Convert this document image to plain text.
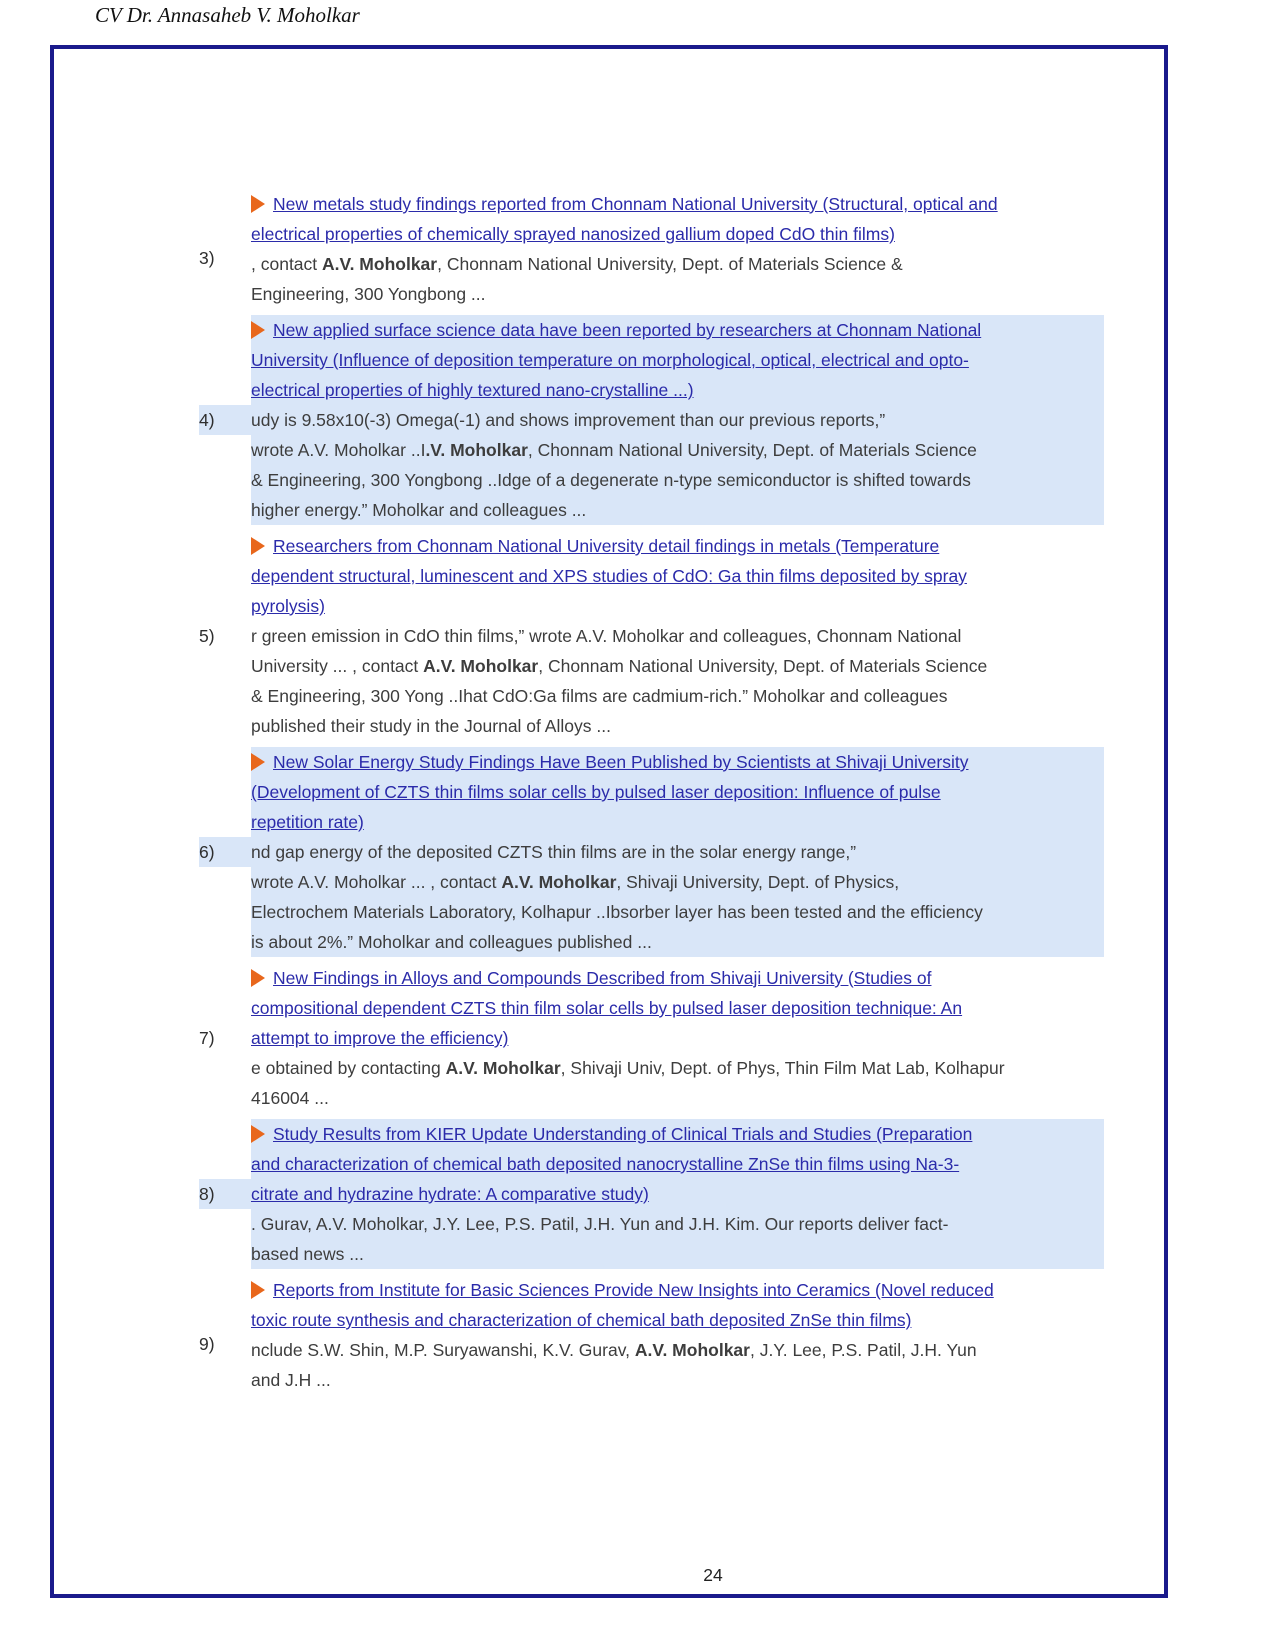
CV Dr. Annasaheb V. Moholkar
3)
New metals study findings reported from Chonnam National University (Structural, optical and
electrical properties of chemically sprayed nanosized gallium doped CdO thin films)
, contact A.V. Moholkar, Chonnam National University, Dept. of Materials Science &
Engineering, 300 Yongbong ...
4)
New applied surface science data have been reported by researchers at Chonnam National
University (Influence of deposition temperature on morphological, optical, electrical and opto-
electrical properties of highly textured nano-crystalline ...)
udy is 9.58x10(-3) Omega(-1) and shows improvement than our previous reports,”
wrote A.V. Moholkar ..I.V. Moholkar, Chonnam National University, Dept. of Materials Science
& Engineering, 300 Yongbong ..Idge of a degenerate n-type semiconductor is shifted towards
higher energy.” Moholkar and colleagues ...
5)
Researchers from Chonnam National University detail findings in metals (Temperature
dependent structural, luminescent and XPS studies of CdO: Ga thin films deposited by spray
pyrolysis)
r green emission in CdO thin films,” wrote A.V. Moholkar and colleagues, Chonnam National
University ... , contact A.V. Moholkar, Chonnam National University, Dept. of Materials Science
& Engineering, 300 Yong ..Ihat CdO:Ga films are cadmium-rich.” Moholkar and colleagues
published their study in the Journal of Alloys ...
6)
New Solar Energy Study Findings Have Been Published by Scientists at Shivaji University
(Development of CZTS thin films solar cells by pulsed laser deposition: Influence of pulse
repetition rate)
nd gap energy of the deposited CZTS thin films are in the solar energy range,”
wrote A.V. Moholkar ... , contact A.V. Moholkar, Shivaji University, Dept. of Physics,
Electrochem Materials Laboratory, Kolhapur ..Ibsorber layer has been tested and the efficiency
is about 2%.” Moholkar and colleagues published ...
7)
New Findings in Alloys and Compounds Described from Shivaji University (Studies of
compositional dependent CZTS thin film solar cells by pulsed laser deposition technique: An
attempt to improve the efficiency)
e obtained by contacting A.V. Moholkar, Shivaji Univ, Dept. of Phys, Thin Film Mat Lab, Kolhapur
416004 ...
8)
Study Results from KIER Update Understanding of Clinical Trials and Studies (Preparation
and characterization of chemical bath deposited nanocrystalline ZnSe thin films using Na-3-
citrate and hydrazine hydrate: A comparative study)
. Gurav, A.V. Moholkar, J.Y. Lee, P.S. Patil, J.H. Yun and J.H. Kim. Our reports deliver fact-
based news ...
9)
Reports from Institute for Basic Sciences Provide New Insights into Ceramics (Novel reduced
toxic route synthesis and characterization of chemical bath deposited ZnSe thin films)
nclude S.W. Shin, M.P. Suryawanshi, K.V. Gurav, A.V. Moholkar, J.Y. Lee, P.S. Patil, J.H. Yun
and J.H ...
24
